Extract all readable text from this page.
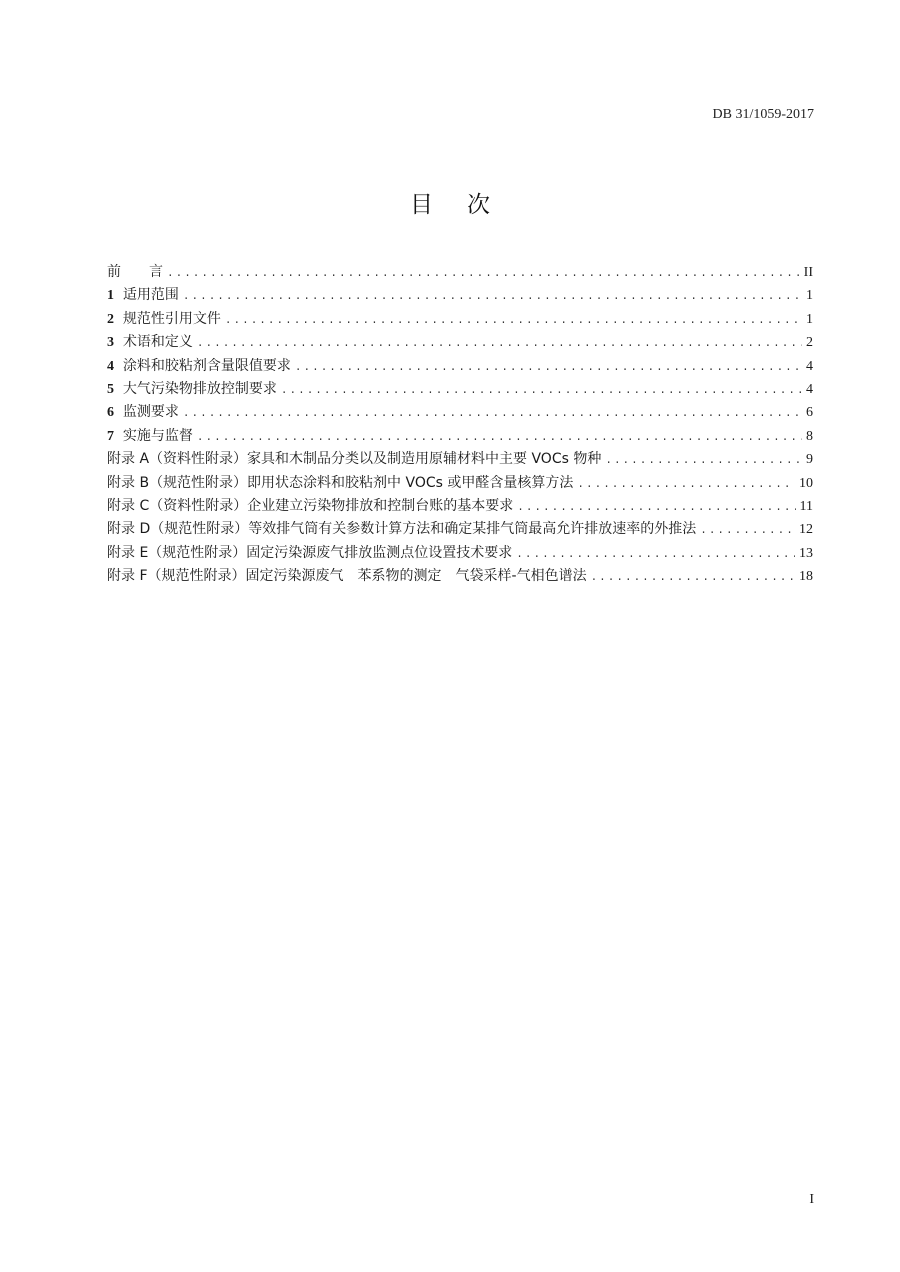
DB 31/1059-2017
目次
前　　言 .....	II
1 适用范围 .....	1
2 规范性引用文件 .....	1
3 术语和定义 .....	2
4 涂料和胶粘剂含量限值要求 .....	4
5 大气污染物排放控制要求 .....	4
6 监测要求 .....	6
7 实施与监督 .....	8
附录 A（资料性附录）家具和木制品分类以及制造用原辅材料中主要 VOCs 物种 .....	9
附录 B（规范性附录）即用状态涂料和胶粘剂中 VOCs 或甲醛含量核算方法 .....	10
附录 C（资料性附录）企业建立污染物排放和控制台账的基本要求 .....	11
附录 D（规范性附录）等效排气筒有关参数计算方法和确定某排气筒最高允许排放速率的外推法 .....	12
附录 E（规范性附录）固定污染源废气排放监测点位设置技术要求 .....	13
附录 F（规范性附录）固定污染源废气　苯系物的测定　气袋采样-气相色谱法 .....	18
I
